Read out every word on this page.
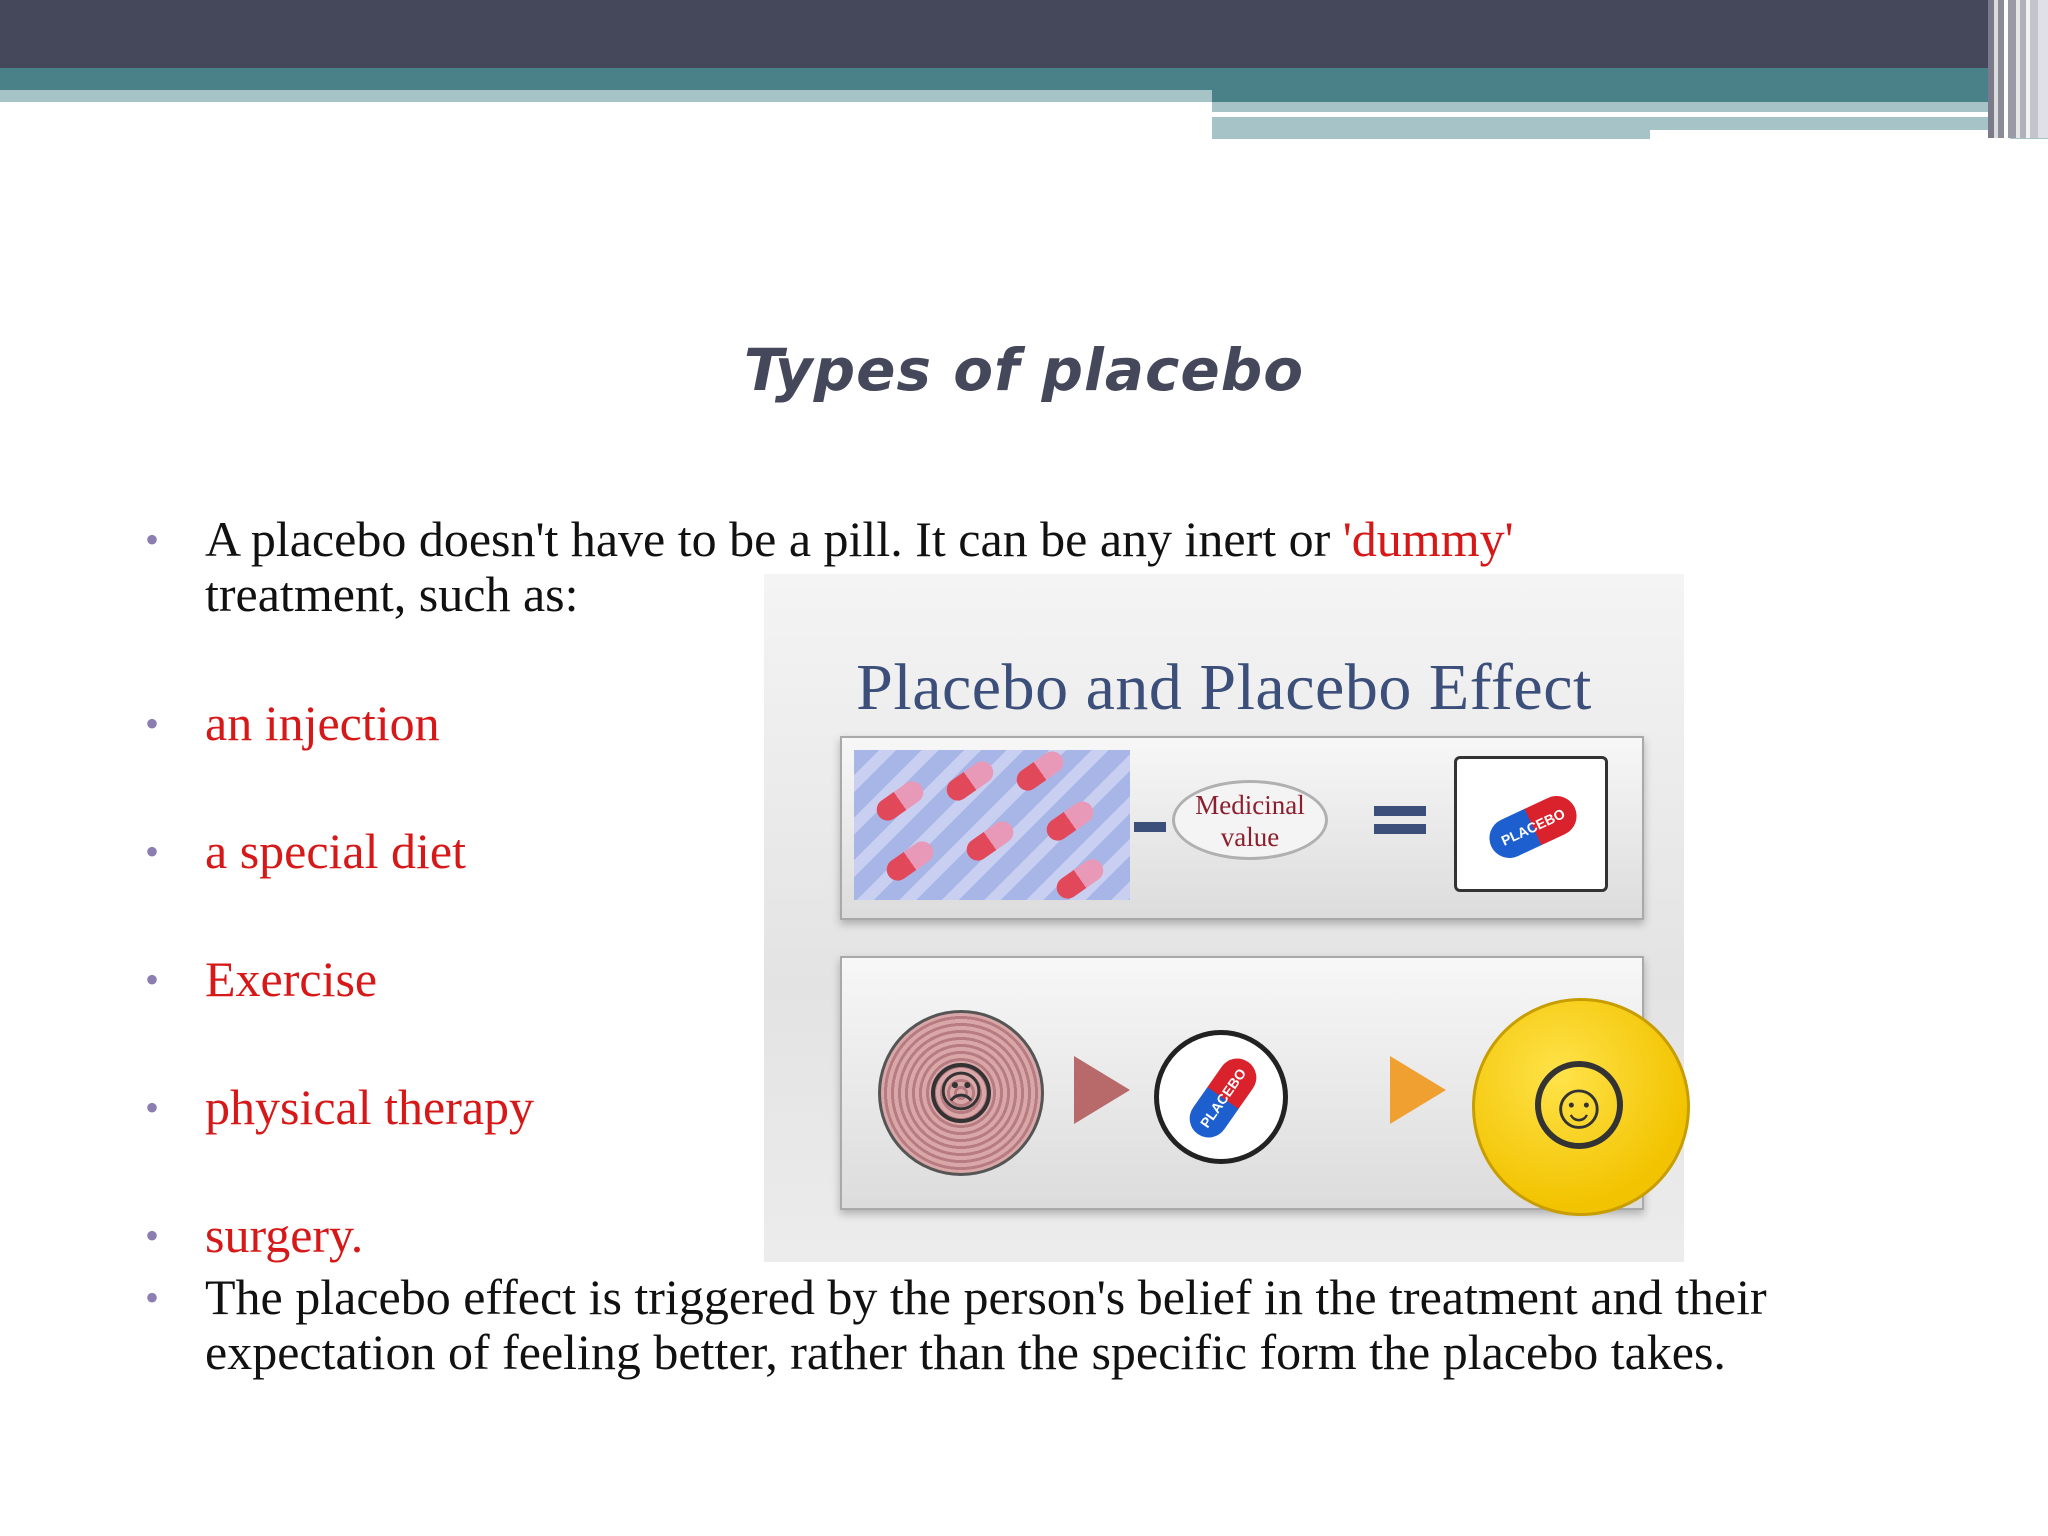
Types of placebo
• A placebo doesn't have to be a pill. It can be any inert or 'dummy'
treatment, such as:
• an injection
• a special diet
• Exercise
• physical therapy
• surgery.
• The placebo effect is triggered by the person's belief in the treatment and their expectation of feeling better, rather than the specific form the placebo takes.
Placebo and Placebo Effect
Medicinal value	PLACEBO
☹	PLACEBO	☺
